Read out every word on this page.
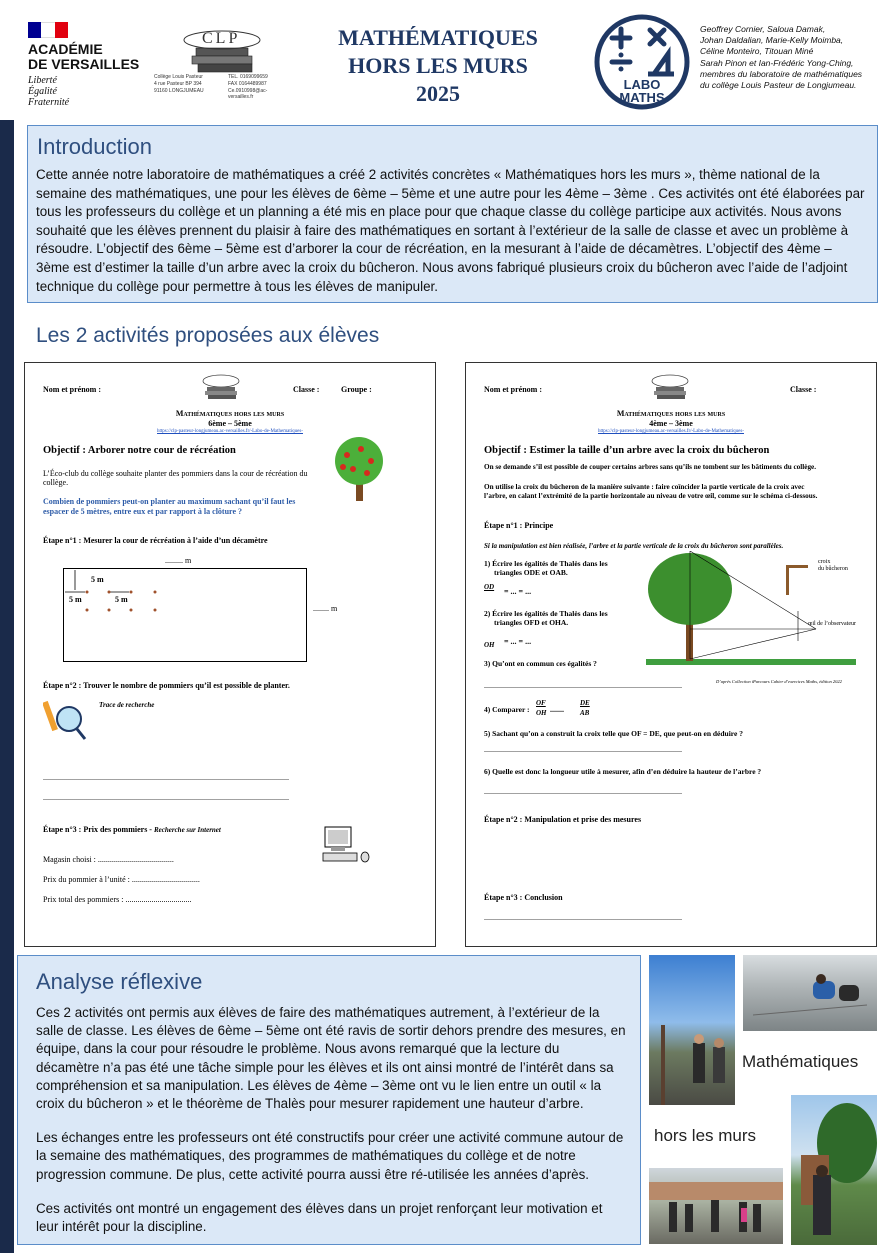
ACADÉMIE
DE VERSAILLES
Liberté
Égalité
Fraternité
CLP
Collège Louis Pasteur
4 rue Pasteur BP 394
91160 LONGJUMEAU
TEL. 0169099659
FAX 0164489987
Ce.0910998@ac-versailles.fr
MATHÉMATIQUES
HORS LES MURS
2025	LABO
MATHS
Geoffrey Cornier, Saloua Damak,
Johan Daldalian, Marie-Kelly Moimba,
Céline Monteiro, Titouan Miné
Sarah Pinon et Ian-Frédéric Yong-Ching,
membres du laboratoire de mathématiques
du collège Louis Pasteur de Longjumeau.
Introduction
Cette année notre laboratoire de mathématiques a créé 2 activités concrètes « Mathématiques hors les murs », thème national de la semaine des mathématiques, une pour les élèves de 6ème – 5ème et une autre pour les 4ème – 3ème . Ces activités ont été élaborées par tous les professeurs du collège et un planning a été mis en place pour que chaque classe du collège participe aux activités. Nous avons souhaité que les élèves prennent du plaisir à faire des mathématiques en sortant à l’extérieur de la salle de classe et avec un problème à résoudre. L’objectif des 6ème – 5ème est d’arborer la cour de récréation, en la mesurant à l’aide de décamètres. L’objectif des 4ème – 3ème est d’estimer la taille d’un arbre avec la croix du bûcheron. Nous avons fabriqué plusieurs croix du bûcheron avec l’aide de l’adjoint technique du collège pour permettre à tous les élèves de manipuler.
Les 2 activités proposées aux élèves
Nom et prénom :	Classe :	Groupe :
Mathématiques hors les murs
6ème – 5ème
https://clp-pasteur-longjumeau.ac-versailles.fr/-Labo-de-Mathematiques-
Objectif : Arborer notre cour de récréation
L’Éco-club du collège souhaite planter des pommiers dans la cour de récréation du
collège.
Combien de pommiers peut-on planter au maximum sachant qu’il faut les
espacer de 5 mètres, entre eux et par rapport à la clôture ?
Étape n°1 : Mesurer la cour de récréation à l’aide d’un décamètre
......... m
........ m
5 m
5 m	5 m
Étape n°2 : Trouver le nombre de pommiers qu’il est possible de planter.
Trace de recherche
...........................................................................................................................
...........................................................................................................................
Étape n°3 : Prix des pommiers - Recherche sur Internet
Magasin choisi : ......................................
Prix du pommier à l’unité : ..................................
Prix total des pommiers : .................................
Nom et prénom :	Classe :
Mathématiques hors les murs
4ème – 3ème
https://clp-pasteur-longjumeau.ac-versailles.fr/-Labo-de-Mathematiques-
Objectif : Estimer la taille d’un arbre avec la croix du bûcheron
On se demande s’il est possible de couper certains arbres sans qu’ils ne tombent sur les bâtiments du collège.
On utilise la croix du bûcheron de la manière suivante : faire coïncider la partie verticale de la croix avec
l’arbre, en calant l’extrémité de la partie horizontale au niveau de votre œil, comme sur le schéma ci-dessous.
Étape n°1 : Principe
Si la manipulation est bien réalisée, l’arbre et la partie verticale de la croix du bûcheron sont parallèles.
1) Écrire les égalités de Thalès dans les
triangles ODE et OAB.
OD = ... = ...
2) Écrire les égalités de Thalès dans les
triangles OFD et OHA.
OH = ... = ...
3) Qu’ont en commun ces égalités ?
croix
du bûcheron
œil de l’observateur
D’après Collection iParcours Cahier d’exercices Maths, édition 2022
...................................................................................................
4) Comparer :
OF
OH .......
DE
AB
5) Sachant qu’on a construit la croix telle que OF = DE, que peut-on en déduire ?
...................................................................................................
6) Quelle est donc la longueur utile à mesurer, afin d’en déduire la hauteur de l’arbre ?
...................................................................................................
Étape n°2 : Manipulation et prise des mesures
Étape n°3 : Conclusion
...................................................................................................
Analyse réflexive
Ces 2 activités ont permis aux élèves de faire des mathématiques autrement, à l’extérieur de la salle de classe. Les élèves de 6ème – 5ème ont été ravis de sortir dehors prendre des mesures, en équipe, dans la cour pour résoudre le problème. Nous avons remarqué que la lecture du décamètre n’a pas été une tâche simple pour les élèves et ils ont ainsi montré de l’intérêt dans sa compréhension et sa manipulation. Les élèves de 4ème – 3ème ont vu le lien entre un outil « la croix du bûcheron » et le théorème de Thalès pour mesurer rapidement une hauteur d’arbre.
Les échanges entre les professeurs ont été constructifs pour créer une activité commune autour de la semaine des mathématiques, des programmes de mathématiques du collège et de notre progression commune. De plus, cette activité pourra aussi être ré-utilisée les années d’après.
Ces activités ont montré un engagement des élèves dans un projet renforçant leur motivation et leur intérêt pour la discipline.
Mathématiques
hors les murs
